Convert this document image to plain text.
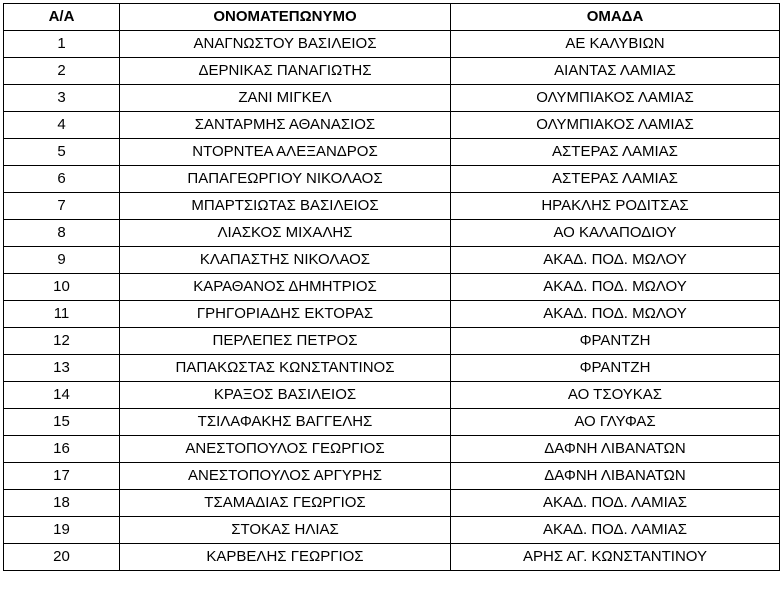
Α/Α	ΟΝΟΜΑΤΕΠΩΝΥΜΟ	ΟΜΑΔΑ
1	ΑΝΑΓΝΩΣΤΟΥ ΒΑΣΙΛΕΙΟΣ	ΑΕ ΚΑΛΥΒΙΩΝ
2	ΔΕΡΝΙΚΑΣ ΠΑΝΑΓΙΩΤΗΣ	ΑΙΑΝΤΑΣ ΛΑΜΙΑΣ
3	ΖΑΝΙ ΜΙΓΚΕΛ	ΟΛΥΜΠΙΑΚΟΣ ΛΑΜΙΑΣ
4	ΣΑΝΤΑΡΜΗΣ ΑΘΑΝΑΣΙΟΣ	ΟΛΥΜΠΙΑΚΟΣ ΛΑΜΙΑΣ
5	ΝΤΟΡΝΤΕΑ ΑΛΕΞΑΝΔΡΟΣ	ΑΣΤΕΡΑΣ ΛΑΜΙΑΣ
6	ΠΑΠΑΓΕΩΡΓΙΟΥ ΝΙΚΟΛΑΟΣ	ΑΣΤΕΡΑΣ ΛΑΜΙΑΣ
7	ΜΠΑΡΤΣΙΩΤΑΣ ΒΑΣΙΛΕΙΟΣ	ΗΡΑΚΛΗΣ ΡΟΔΙΤΣΑΣ
8	ΛΙΑΣΚΟΣ ΜΙΧΑΛΗΣ	ΑΟ ΚΑΛΑΠΟΔΙΟΥ
9	ΚΛΑΠΑΣΤΗΣ ΝΙΚΟΛΑΟΣ	ΑΚΑΔ. ΠΟΔ. ΜΩΛΟΥ
10	ΚΑΡΑΘΑΝΟΣ ΔΗΜΗΤΡΙΟΣ	ΑΚΑΔ. ΠΟΔ. ΜΩΛΟΥ
11	ΓΡΗΓΟΡΙΑΔΗΣ ΕΚΤΟΡΑΣ	ΑΚΑΔ. ΠΟΔ. ΜΩΛΟΥ
12	ΠΕΡΛΕΠΕΣ ΠΕΤΡΟΣ	ΦΡΑΝΤΖΗ
13	ΠΑΠΑΚΩΣΤΑΣ ΚΩΝΣΤΑΝΤΙΝΟΣ	ΦΡΑΝΤΖΗ
14	ΚΡΑΞΟΣ ΒΑΣΙΛΕΙΟΣ	ΑΟ ΤΣΟΥΚΑΣ
15	ΤΣΙΛΑΦΑΚΗΣ ΒΑΓΓΕΛΗΣ	ΑΟ ΓΛΥΦΑΣ
16	ΑΝΕΣΤΟΠΟΥΛΟΣ ΓΕΩΡΓΙΟΣ	ΔΑΦΝΗ ΛΙΒΑΝΑΤΩΝ
17	ΑΝΕΣΤΟΠΟΥΛΟΣ ΑΡΓΥΡΗΣ	ΔΑΦΝΗ ΛΙΒΑΝΑΤΩΝ
18	ΤΣΑΜΑΔΙΑΣ ΓΕΩΡΓΙΟΣ	ΑΚΑΔ. ΠΟΔ. ΛΑΜΙΑΣ
19	ΣΤΟΚΑΣ ΗΛΙΑΣ	ΑΚΑΔ. ΠΟΔ. ΛΑΜΙΑΣ
20	ΚΑΡΒΕΛΗΣ ΓΕΩΡΓΙΟΣ	ΑΡΗΣ ΑΓ. ΚΩΝΣΤΑΝΤΙΝΟΥ
